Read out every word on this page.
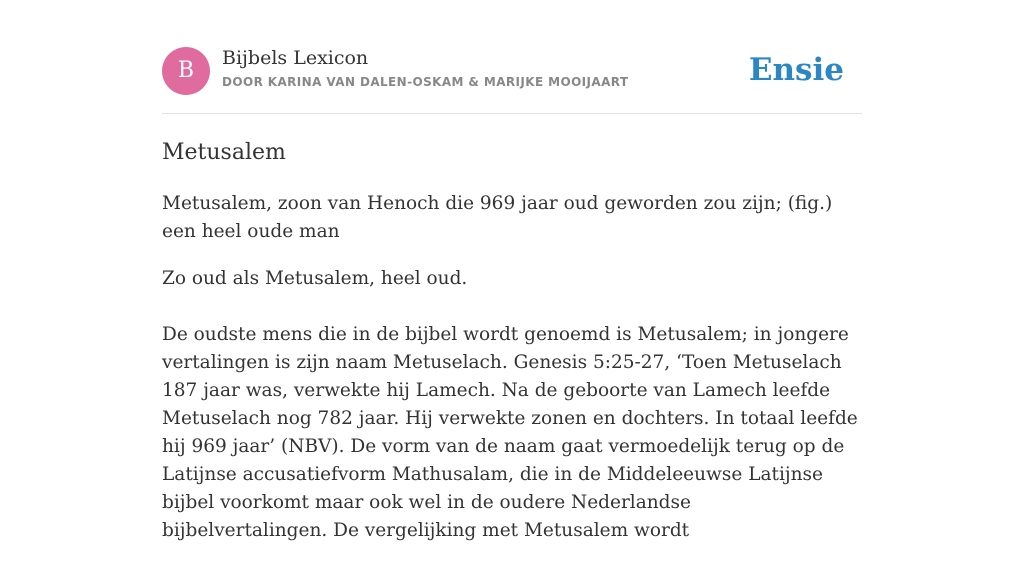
B	Bijbels Lexicon
DOOR KARINA VAN DALEN-OSKAM & MARIJKE MOOIJAART	Ensie
Metusalem

Metusalem, zoon van Henoch die 969 jaar oud geworden zou zijn; (fig.) een heel oude man

Zo oud als Metusalem, heel oud.

De oudste mens die in de bijbel wordt genoemd is Metusalem; in jongere vertalingen is zijn naam Metuselach. Genesis 5:25-27, ‘Toen Metuselach 187 jaar was, verwekte hij Lamech. Na de geboorte van Lamech leefde Metuselach nog 782 jaar. Hij verwekte zonen en dochters. In totaal leefde hij 969 jaar’ (NBV). De vorm van de naam gaat vermoedelijk terug op de Latijnse accusatiefvorm Mathusalam, die in de Middeleeuwse Latijnse bijbel voorkomt maar ook wel in de oudere Nederlandse bijbelvertalingen. De vergelijking met Metusalem wordt
